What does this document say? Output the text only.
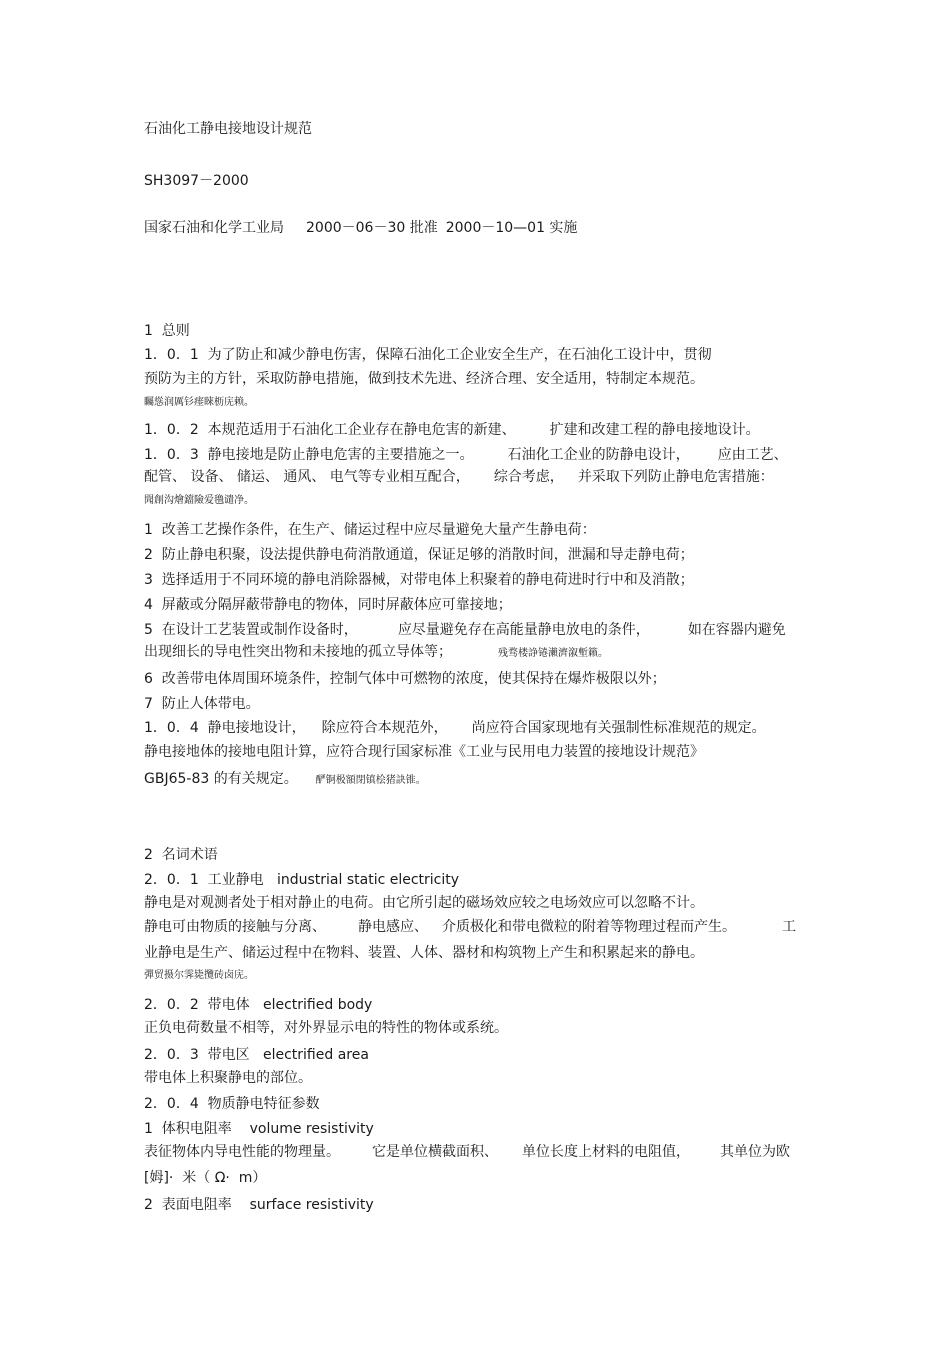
石油化工静电接地设计规范
SH3097－2000
国家石油和化学工业局 2000－06－30 批准 2000－10—01 实施
1  总则
1．0．1  为了防止和减少静电伤害，保障石油化工企业安全生产，在石油化工设计中，贯彻
预防为主的方针，采取防静电措施，做到技术先进、经济合理、安全适用，特制定本规范。
矚慫润厲钐瘗睞枥庑赖。
1．0．2  本规范适用于石油化工企业存在静电危害的新建、 扩建和改建工程的静电接地设计。
1．0．3  静电接地是防止静电危害的主要措施之一。 石油化工企业的防静电设计， 应由工艺、
配管、 设备、 储运、 通风、 电气等专业相互配合， 综合考虑， 并采取下列防止静电危害措施：
聞創沟燴鐺險爱氇谴净。
1  改善工艺操作条件，在生产、储运过程中应尽量避免大量产生静电荷：
2  防止静电积聚，设法提供静电荷消散通道，保证足够的消散时间，泄漏和导走静电荷；
3  选择适用于不同环境的静电消除器械，对带电体上积聚着的静电荷进时行中和及消散；
4  屏蔽或分隔屏蔽带静电的物体，同时屏蔽体应可靠接地；
5  在设计工艺装置或制作设备时，	应尽量避免存在高能量静电放电的条件，	如在容器内避免
出现细长的导电性突出物和未接地的孤立导体等；	残骛楼諍锩瀨濟溆塹籟。
6  改善带电体周围环境条件，控制气体中可燃物的浓度，使其保持在爆炸极限以外；
7  防止人体带电。
1．0．4  静电接地设计， 除应符合本规范外， 尚应符合国家现地有关强制性标准规范的规定。
静电接地体的接地电阻计算，应符合现行国家标准《工业与民用电力装置的接地设计规范》
GBJ65-83 的有关规定。 酽锕极額閉镇桧猪訣锥。
2  名词术语
2．0．1  工业静电   industrial static electricity
静电是对观测者处于相对静止的电荷。由它所引起的磁场效应较之电场效应可以忽略不计。
静电可由物质的接触与分离、 静电感应、 介质极化和带电微粒的附着等物理过程而产生。	工
业静电是生产、储运过程中在物料、装置、人体、器材和构筑物上产生和积累起来的静电。
彈贸摄尔霁毙攬砖卤庑。
2．0．2  带电体   electrified body
正负电荷数量不相等，对外界显示电的特性的物体或系统。
2．0．3  带电区   electrified area
带电体上积聚静电的部位。
2．0．4  物质静电特征参数
1  体积电阻率    volume resistivity
表征物体内导电性能的物理量。 它是单位横截面积、 单位长度上材料的电阻值， 其单位为欧
[姆]·  米（ Ω·  m）
2  表面电阻率    surface resistivity
